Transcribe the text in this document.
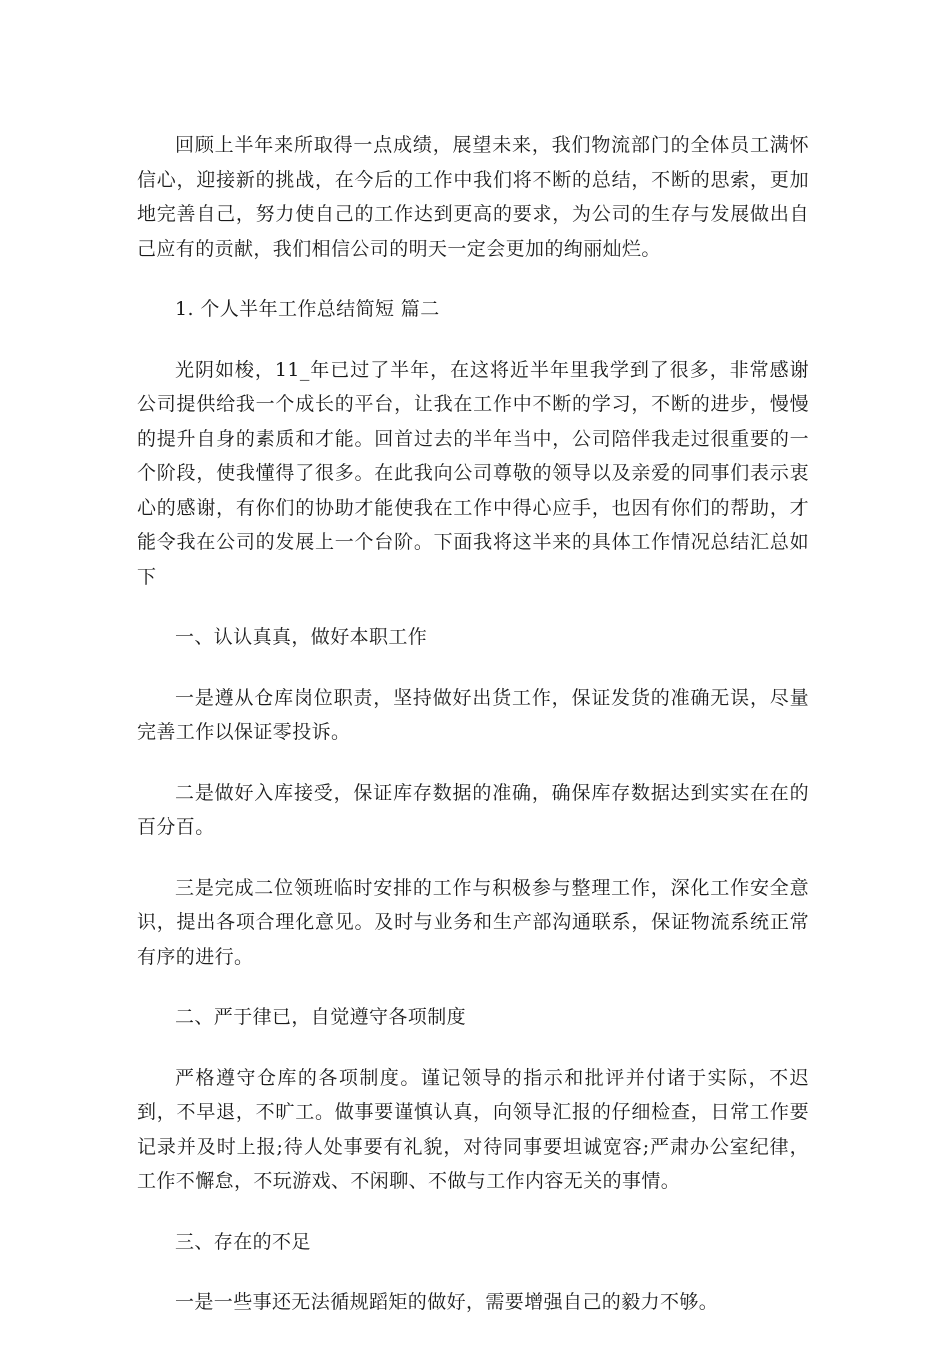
回顾上半年来所取得一点成绩，展望未来，我们物流部门的全体员工满怀信心，迎接新的挑战，在今后的工作中我们将不断的总结，不断的思索，更加地完善自己，努力使自己的工作达到更高的要求，为公司的生存与发展做出自己应有的贡献，我们相信公司的明天一定会更加的绚丽灿烂。

1. 个人半年工作总结简短 篇二

光阴如梭，11_年已过了半年，在这将近半年里我学到了很多，非常感谢公司提供给我一个成长的平台，让我在工作中不断的学习，不断的进步，慢慢的提升自身的素质和才能。回首过去的半年当中，公司陪伴我走过很重要的一个阶段，使我懂得了很多。在此我向公司尊敬的领导以及亲爱的同事们表示衷心的感谢，有你们的协助才能使我在工作中得心应手，也因有你们的帮助，才能令我在公司的发展上一个台阶。下面我将这半来的具体工作情况总结汇总如下

一、认认真真，做好本职工作

一是遵从仓库岗位职责，坚持做好出货工作，保证发货的准确无误，尽量完善工作以保证零投诉。

二是做好入库接受，保证库存数据的准确，确保库存数据达到实实在在的百分百。

三是完成二位领班临时安排的工作与积极参与整理工作，深化工作安全意识，提出各项合理化意见。及时与业务和生产部沟通联系，保证物流系统正常有序的进行。

二、严于律已，自觉遵守各项制度

严格遵守仓库的各项制度。谨记领导的指示和批评并付诸于实际，不迟到，不早退，不旷工。做事要谨慎认真，向领导汇报的仔细检查，日常工作要记录并及时上报;待人处事要有礼貌，对待同事要坦诚宽容;严肃办公室纪律，工作不懈怠，不玩游戏、不闲聊、不做与工作内容无关的事情。

三、存在的不足

一是一些事还无法循规蹈矩的做好，需要增强自己的毅力不够。
